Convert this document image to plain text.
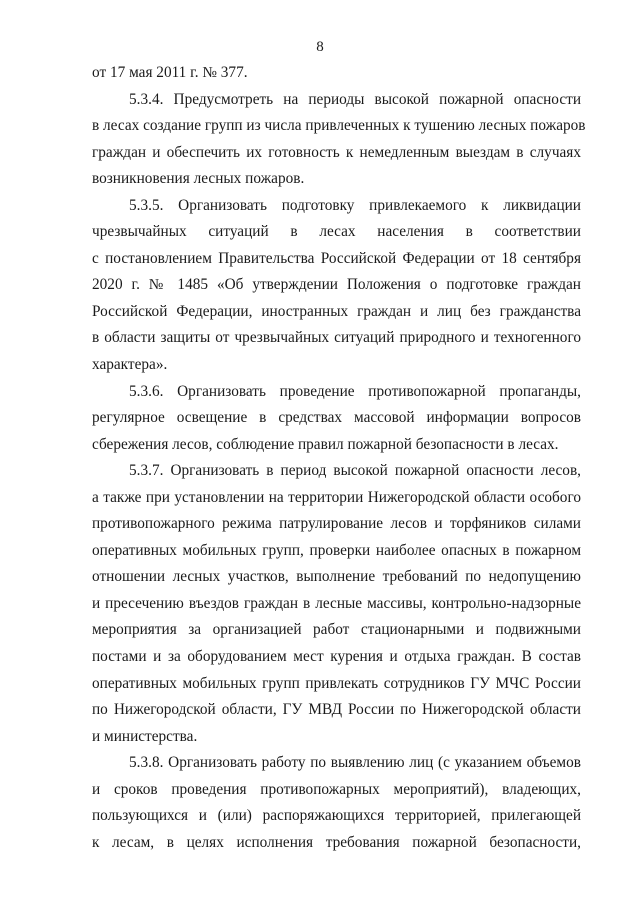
8
от 17 мая 2011 г. № 377.
5.3.4. Предусмотреть на периоды высокой пожарной опасности
в лесах создание групп из числа привлеченных к тушению лесных пожаров
граждан и обеспечить их готовность к немедленным выездам в случаях
возникновения лесных пожаров.
5.3.5. Организовать подготовку привлекаемого к ликвидации
чрезвычайных ситуаций в лесах населения в соответствии
с постановлением Правительства Российской Федерации от 18 сентября
2020 г. № 1485 «Об утверждении Положения о подготовке граждан
Российской Федерации, иностранных граждан и лиц без гражданства
в области защиты от чрезвычайных ситуаций природного и техногенного
характера».
5.3.6. Организовать проведение противопожарной пропаганды,
регулярное освещение в средствах массовой информации вопросов
сбережения лесов, соблюдение правил пожарной безопасности в лесах.
5.3.7. Организовать в период высокой пожарной опасности лесов,
а также при установлении на территории Нижегородской области особого
противопожарного режима патрулирование лесов и торфяников силами
оперативных мобильных групп, проверки наиболее опасных в пожарном
отношении лесных участков, выполнение требований по недопущению
и пресечению въездов граждан в лесные массивы, контрольно-надзорные
мероприятия за организацией работ стационарными и подвижными
постами и за оборудованием мест курения и отдыха граждан. В состав
оперативных мобильных групп привлекать сотрудников ГУ МЧС России
по Нижегородской области, ГУ МВД России по Нижегородской области
и министерства.
5.3.8. Организовать работу по выявлению лиц (с указанием объемов
и сроков проведения противопожарных мероприятий), владеющих,
пользующихся и (или) распоряжающихся территорией, прилегающей
к лесам, в целях исполнения требования пожарной безопасности,
